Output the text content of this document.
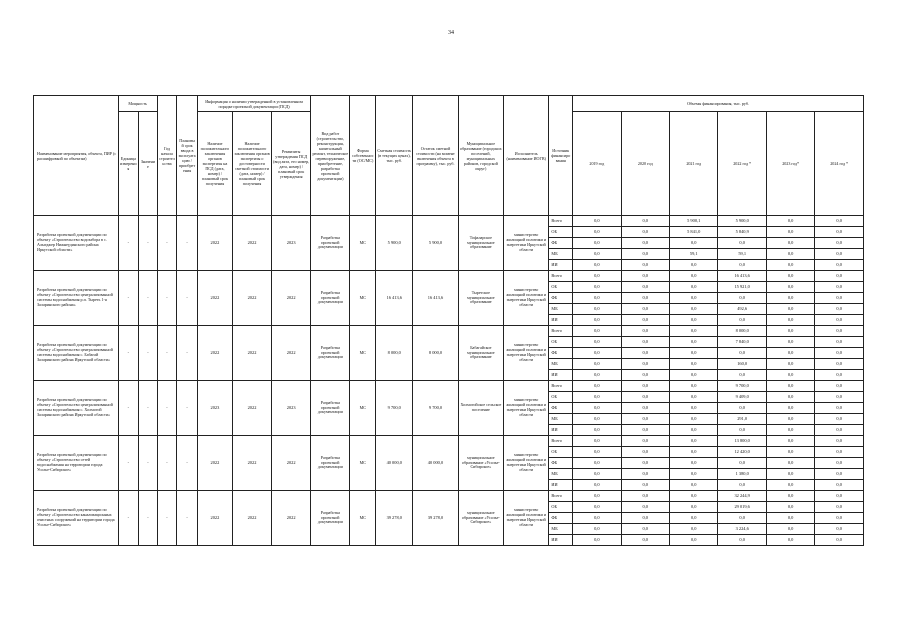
34
Наименование мероприятия, объекта, ПИР (с расшифровкой по объектам)	Мощность		Год начала строительства	Плановый срок ввода в эксплуатацию / приобретения	Информация о наличии утвержденной в установленном порядке проектной документации (ПСД)			Вид работ (строительство, реконструкция, капитальный ремонт, техническое перевооружение, приобретение, разработка проектной документации)	Форма собственности (ОС/МС)	Сметная стоимость (в текущих ценах), тыс. руб.	Остаток сметной стоимости (на момент включения объекта в программу), тыс. руб.	Муниципальное образование (городских поселений, муниципальных районов, городской округ)	Исполнитель (наименование ИОГВ)	Источник финансирования	Объемы финансирования, тыс. руб.					
	Единица измерения	Значение			Наличие положительного заключения органов экспертизы на ПСД (дата, номер) / плановый срок получения	Наличие положительного заключения органов экспертизы о достоверности сметной стоимости (дата, номер) / плановый срок получения	Реквизиты утверждения ПСД (вид акта, его номер, дата, номер) / плановый срок утверждения								2019 год	2020 год	2021 год	2022 год *	2023 год*	2024 год *

Разработка проектной документации по объекту «Строительство водозабора в с. Алыгджер Нижнеудинского района Иркутской области»	-	-	-	-	2022	2022	2023	Разработка проектной документации	МС	5 900,0	5 900,0	Тофаларское муниципальное образование	министерство жилищной политики и энергетики Иркутской области	Всего	0,0	0,0	5 900,1	5 900,0	0,0	0,0
														ОБ	0,0	0,0	5 841,0	5 840,9	0,0	0,0
														ФБ	0,0	0,0	0,0	0,0	0,0	0,0
														МБ	0,0	0,0	59,1	59,1	0,0	0,0
														ИИ	0,0	0,0	0,0	0,0	0,0	0,0
Разработка проектной документации по объекту «Строительство централизованной системы водоснабжения р.п. Тыреть 1-я Заларинского района»	-	-	-	-	2022	2022	2022	Разработка проектной документации	МС	16 413,6	16 413,6	Тыретское муниципальное образование	министерство жилищной политики и энергетики Иркутской области	Всего	0,0	0,0	0,0	16 413,6	0,0	0,0
														ОБ	0,0	0,0	0,0	15 921,0	0,0	0,0
														ФБ	0,0	0,0	0,0	0,0	0,0	0,0
														МБ	0,0	0,0	0,0	492,6	0,0	0,0
														ИИ	0,0	0,0	0,0	0,0	0,0	0,0
Разработка проектной документации по объекту «Строительство централизованной системы водоснабжения с. Бабагай Заларинского района Иркутской области»	-	-	-	-	2022	2022	2022	Разработка проектной документации	МС	8 000,0	8 000,0	Бабагайское муниципальное образование	министерство жилищной политики и энергетики Иркутской области	Всего	0,0	0,0	0,0	8 000,0	0,0	0,0
														ОБ	0,0	0,0	0,0	7 840,0	0,0	0,0
														ФБ	0,0	0,0	0,0	0,0	0,0	0,0
														МБ	0,0	0,0	0,0	160,0	0,0	0,0
														ИИ	0,0	0,0	0,0	0,0	0,0	0,0
Разработка проектной документации по объекту «Строительство централизованной системы водоснабжения с. Холмогой Заларинского района Иркутской области»	-	-	-	-	2023	2022	2023	Разработка проектной документации	МС	9 700,0	9 700,0	Холмогойское сельское поселение	министерство жилищной политики и энергетики Иркутской области	Всего	0,0	0,0	0,0	9 700,0	0,0	0,0
														ОБ	0,0	0,0	0,0	9 409,0	0,0	0,0
														ФБ	0,0	0,0	0,0	0,0	0,0	0,0
														МБ	0,0	0,0	0,0	291,0	0,0	0,0
														ИИ	0,0	0,0	0,0	0,0	0,0	0,0
Разработка проектной документации по объекту «Строительство сетей водоснабжения на территории города Усолье-Сибирское»	-	-	-	-	2022	2022	2022	Разработка проектной документации	МС	40 000,0	40 000,0	муниципальное образование «Усолье-Сибирское»	министерство жилищной политики и энергетики Иркутской области	Всего	0,0	0,0	0,0	13 800,0	0,0	0,0
														ОБ	0,0	0,0	0,0	12 420,0	0,0	0,0
														ФБ	0,0	0,0	0,0	0,0	0,0	0,0
														МБ	0,0	0,0	0,0	1 380,0	0,0	0,0
														ИИ	0,0	0,0	0,0	0,0	0,0	0,0
Разработка проектной документации по объекту «Строительство канализационных очистных сооружений на территории города Усолье-Сибирское»	-	-	-	-	2022	2022	2022	Разработка проектной документации	МС	39 278,0	39 278,0	муниципальное образование «Усолье-Сибирское»	министерство жилищной политики и энергетики Иркутской области	Всего	0,0	0,0	0,0	32 244,9	0,0	0,0
														ОБ	0,0	0,0	0,0	29 019,6	0,0	0,0
														ФБ	0,0	0,0	0,0	0,0	0,0	0,0
														МБ	0,0	0,0	0,0	3 224,6	0,0	0,0
														ИИ	0,0	0,0	0,0	0,0	0,0	0,0
